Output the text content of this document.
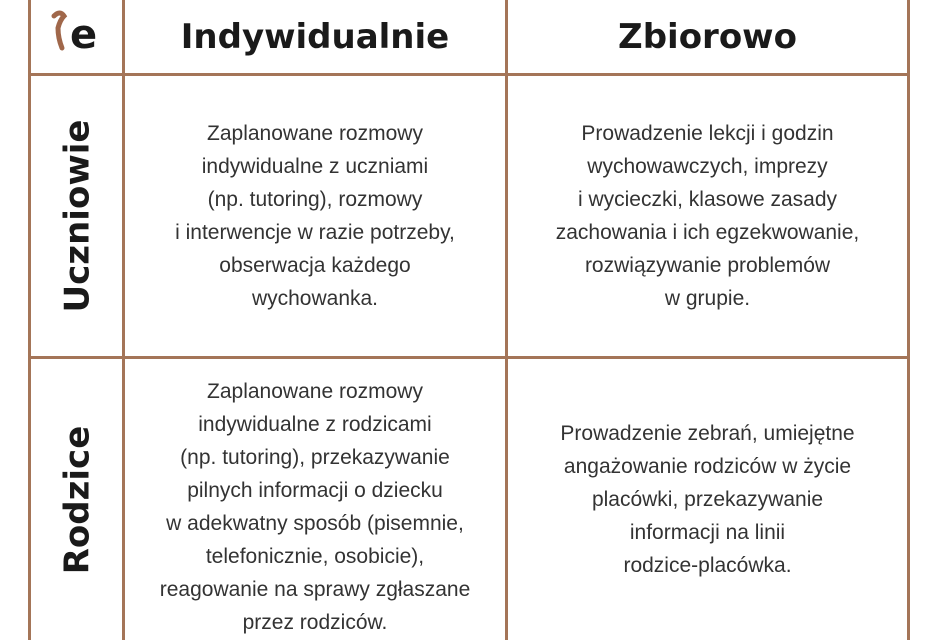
e Indywidualnie	Zbiorowo
Uczniowie
Rodzice

Zaplanowane rozmowy

indywidualne z uczniami

(np. tutoring), rozmowy

i interwencje w razie potrzeby,

obserwacja każdego

wychowanka.

Prowadzenie lekcji i godzin

wychowawczych, imprezy

i wycieczki, klasowe zasady

zachowania i ich egzekwowanie,

rozwiązywanie problemów

w grupie.

Zaplanowane rozmowy

indywidualne z rodzicami

(np. tutoring), przekazywanie

pilnych informacji o dziecku

w adekwatny sposób (pisemnie,

telefonicznie, osobicie),

reagowanie na sprawy zgłaszane

przez rodziców.

Prowadzenie zebrań, umiejętne

angażowanie rodziców w życie

placówki, przekazywanie

informacji na linii

rodzice-placówka.
